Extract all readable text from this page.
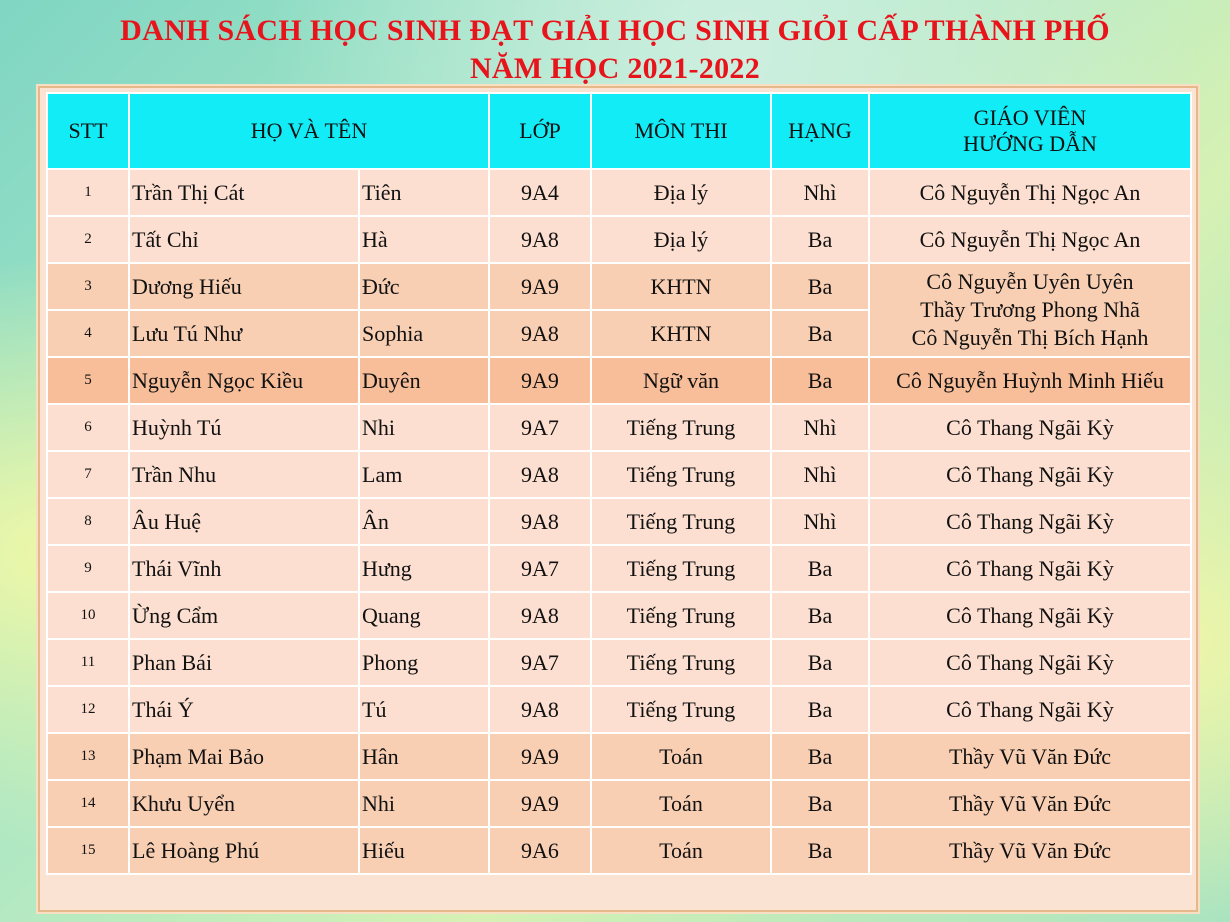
DANH SÁCH HỌC SINH ĐẠT GIẢI HỌC SINH GIỎI CẤP THÀNH PHỐ
NĂM HỌC 2021-2022
STT	HỌ VÀ TÊN		LỚP	MÔN THI	HẠNG	GIÁO VIÊN
HƯỚNG DẪN
1	Trần Thị Cát	Tiên	9A4	Địa lý	Nhì	Cô Nguyễn Thị Ngọc An
2	Tất Chỉ	Hà	9A8	Địa lý	Ba	Cô Nguyễn Thị Ngọc An
3	Dương Hiếu	Đức	9A9	KHTN	Ba	Cô Nguyễn Uyên Uyên
Thầy Trương Phong Nhã
Cô Nguyễn Thị Bích Hạnh
4	Lưu Tú Như	Sophia	9A8	KHTN	Ba	
5	Nguyễn Ngọc Kiều	Duyên	9A9	Ngữ văn	Ba	Cô Nguyễn Huỳnh Minh Hiếu
6	Huỳnh Tú	Nhi	9A7	Tiếng Trung	Nhì	Cô Thang Ngãi Kỳ
7	Trần Nhu	Lam	9A8	Tiếng Trung	Nhì	Cô Thang Ngãi Kỳ
8	Âu Huệ	Ân	9A8	Tiếng Trung	Nhì	Cô Thang Ngãi Kỳ
9	Thái Vĩnh	Hưng	9A7	Tiếng Trung	Ba	Cô Thang Ngãi Kỳ
10	Ừng Cẩm	Quang	9A8	Tiếng Trung	Ba	Cô Thang Ngãi Kỳ
11	Phan Bái	Phong	9A7	Tiếng Trung	Ba	Cô Thang Ngãi Kỳ
12	Thái Ý	Tú	9A8	Tiếng Trung	Ba	Cô Thang Ngãi Kỳ
13	Phạm Mai Bảo	Hân	9A9	Toán	Ba	Thầy Vũ Văn Đức
14	Khưu Uyển	Nhi	9A9	Toán	Ba	Thầy Vũ Văn Đức
15	Lê Hoàng Phú	Hiếu	9A6	Toán	Ba	Thầy Vũ Văn Đức
